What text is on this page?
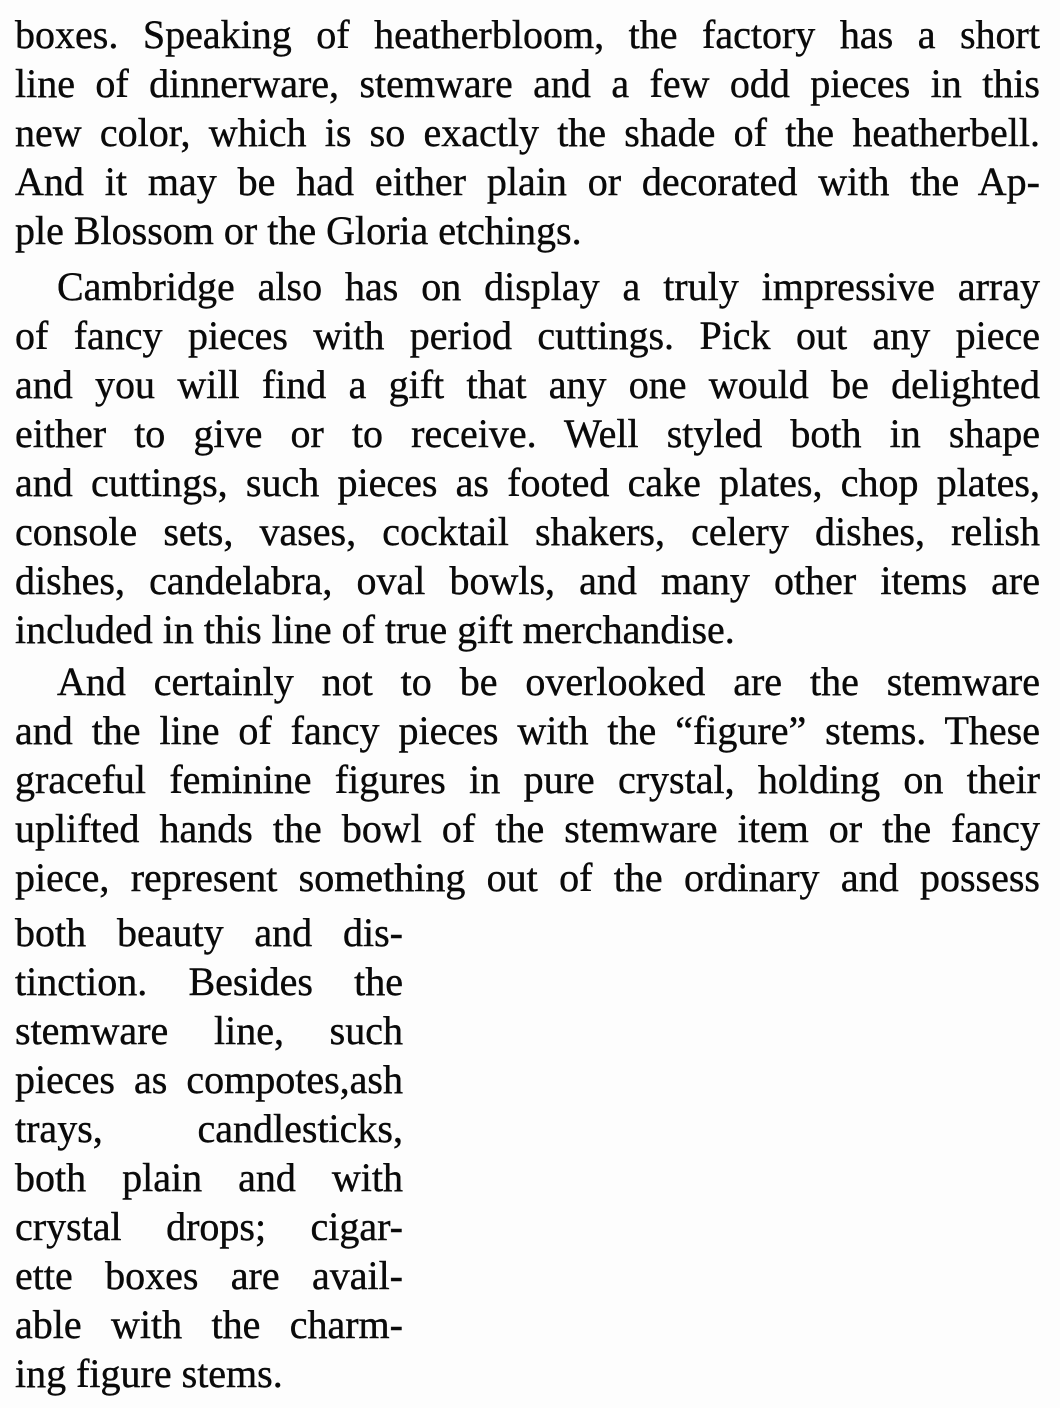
boxes. Speaking of heatherbloom, the factory has a short
line of dinnerware, stemware and a few odd pieces in this
new color, which is so exactly the shade of the heatherbell.
And it may be had either plain or decorated with the Ap-
ple Blossom or the Gloria etchings.
Cambridge also has on display a truly impressive array
of fancy pieces with period cuttings. Pick out any piece
and you will find a gift that any one would be delighted
either to give or to receive. Well styled both in shape
and cuttings, such pieces as footed cake plates, chop plates,
console sets, vases, cocktail shakers, celery dishes, relish
dishes, candelabra, oval bowls, and many other items are
included in this line of true gift merchandise.
And certainly not to be overlooked are the stemware
and the line of fancy pieces with the “figure” stems. These
graceful feminine figures in pure crystal, holding on their
uplifted hands the bowl of the stemware item or the fancy
piece, represent something out of the ordinary and possess
both beauty and dis-
tinction. Besides the
stemware line, such
pieces as compotes,ash
trays, candlesticks,
both plain and with
crystal drops; cigar-
ette boxes are avail-
able with the charm-
ing figure stems.
